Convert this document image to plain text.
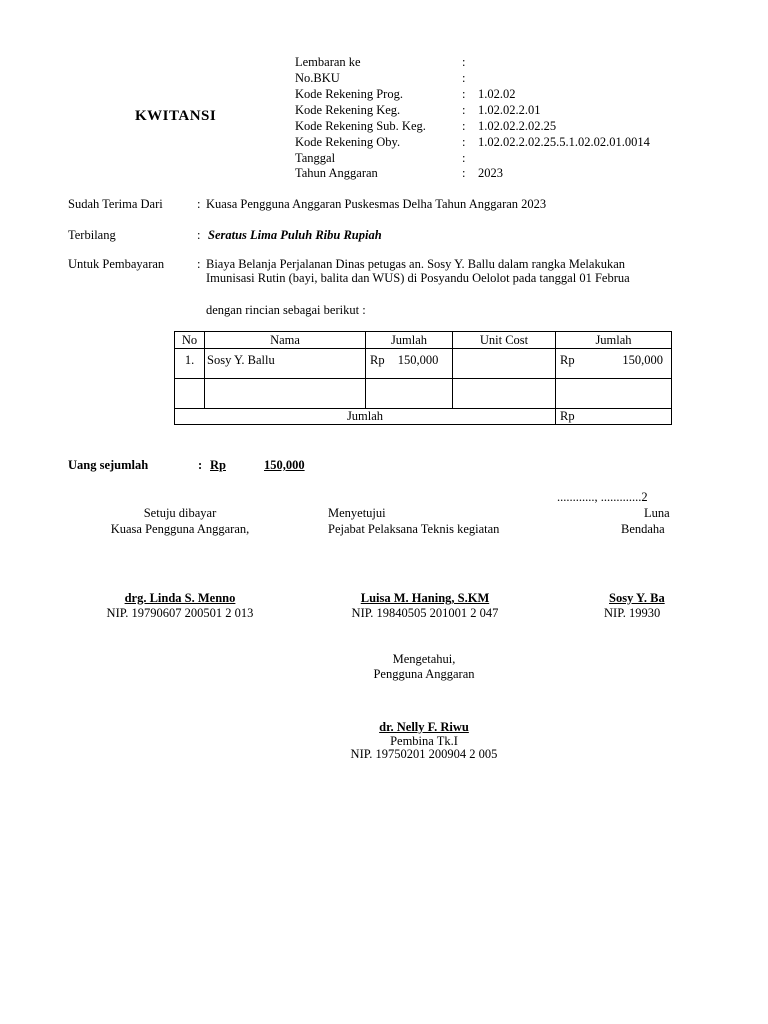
KWITANSI
Lembaran ke	:
No.BKU	:
Kode Rekening Prog.	: 1.02.02
Kode Rekening Keg.	: 1.02.02.2.01
Kode Rekening Sub. Keg.	: 1.02.02.2.02.25
Kode Rekening Oby.	: 1.02.02.2.02.25.5.1.02.02.01.0014
Tanggal	:
Tahun Anggaran	: 2023
Sudah Terima Dari	: Kuasa Pengguna Anggaran Puskesmas Delha Tahun Anggaran 2023
Terbilang	: Seratus Lima Puluh Ribu Rupiah
Untuk Pembayaran	: Biaya Belanja Perjalanan Dinas petugas an. Sosy Y. Ballu dalam rangka Melakukan
Imunisasi Rutin (bayi, balita dan WUS) di Posyandu Oelolot pada tanggal 01 Februa
dengan rincian sebagai berikut :
No	Nama	Jumlah	Unit Cost	Jumlah
1.	Sosy Y. Ballu	Rp 150,000		Rp 150,000

Jumlah				Rp
Uang sejumlah	: Rp	150,000
............, .............2
Setuju dibayar
Kuasa Pengguna Anggaran,
drg. Linda S. Menno
NIP. 19790607 200501 2 013
Menyetujui
Pejabat Pelaksana Teknis kegiatan
Luisa M. Haning, S.KM
NIP. 19840505 201001 2 047
Luna
Bendaha
Sosy Y. Ba
NIP. 19930
Mengetahui,
Pengguna Anggaran
dr. Nelly F. Riwu
Pembina Tk.I
NIP. 19750201 200904 2 005
